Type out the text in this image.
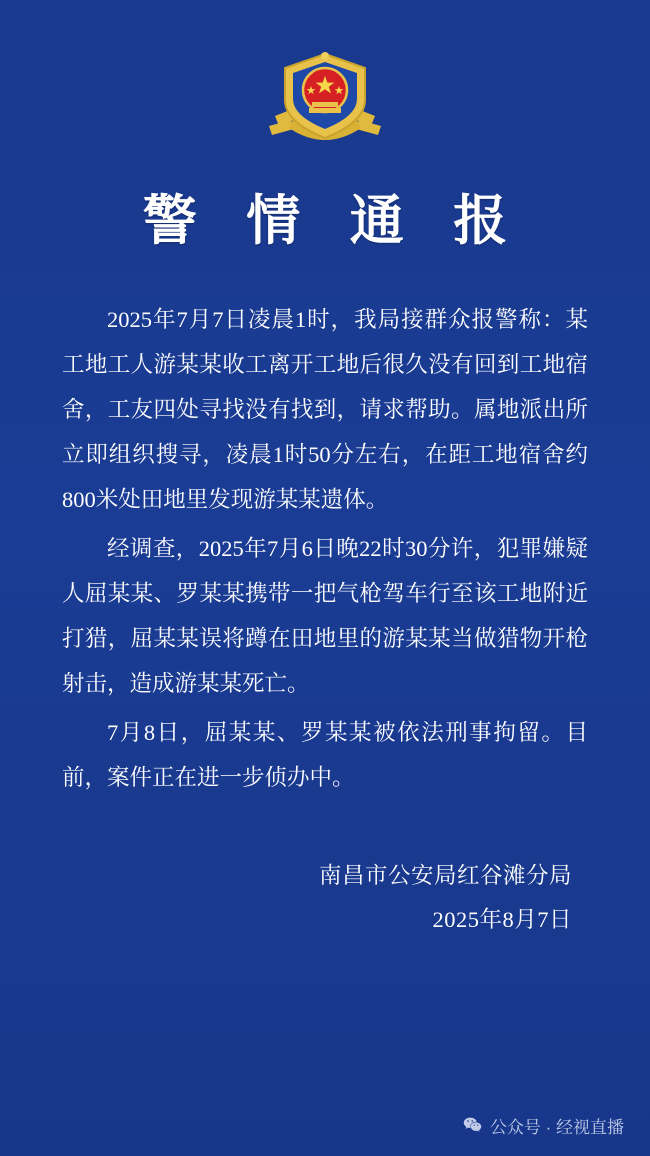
警 情 通 报

2025年7月7日凌晨1时，我局接群众报警称：某工地工人游某某收工离开工地后很久没有回到工地宿舍，工友四处寻找没有找到，请求帮助。属地派出所立即组织搜寻，凌晨1时50分左右，在距工地宿舍约800米处田地里发现游某某遗体。

经调查，2025年7月6日晚22时30分许，犯罪嫌疑人屈某某、罗某某携带一把气枪驾车行至该工地附近打猎，屈某某误将蹲在田地里的游某某当做猎物开枪射击，造成游某某死亡。

7月8日，屈某某、罗某某被依法刑事拘留。目前，案件正在进一步侦办中。

南昌市公安局红谷滩分局
2025年8月7日
公众号 · 经视直播
